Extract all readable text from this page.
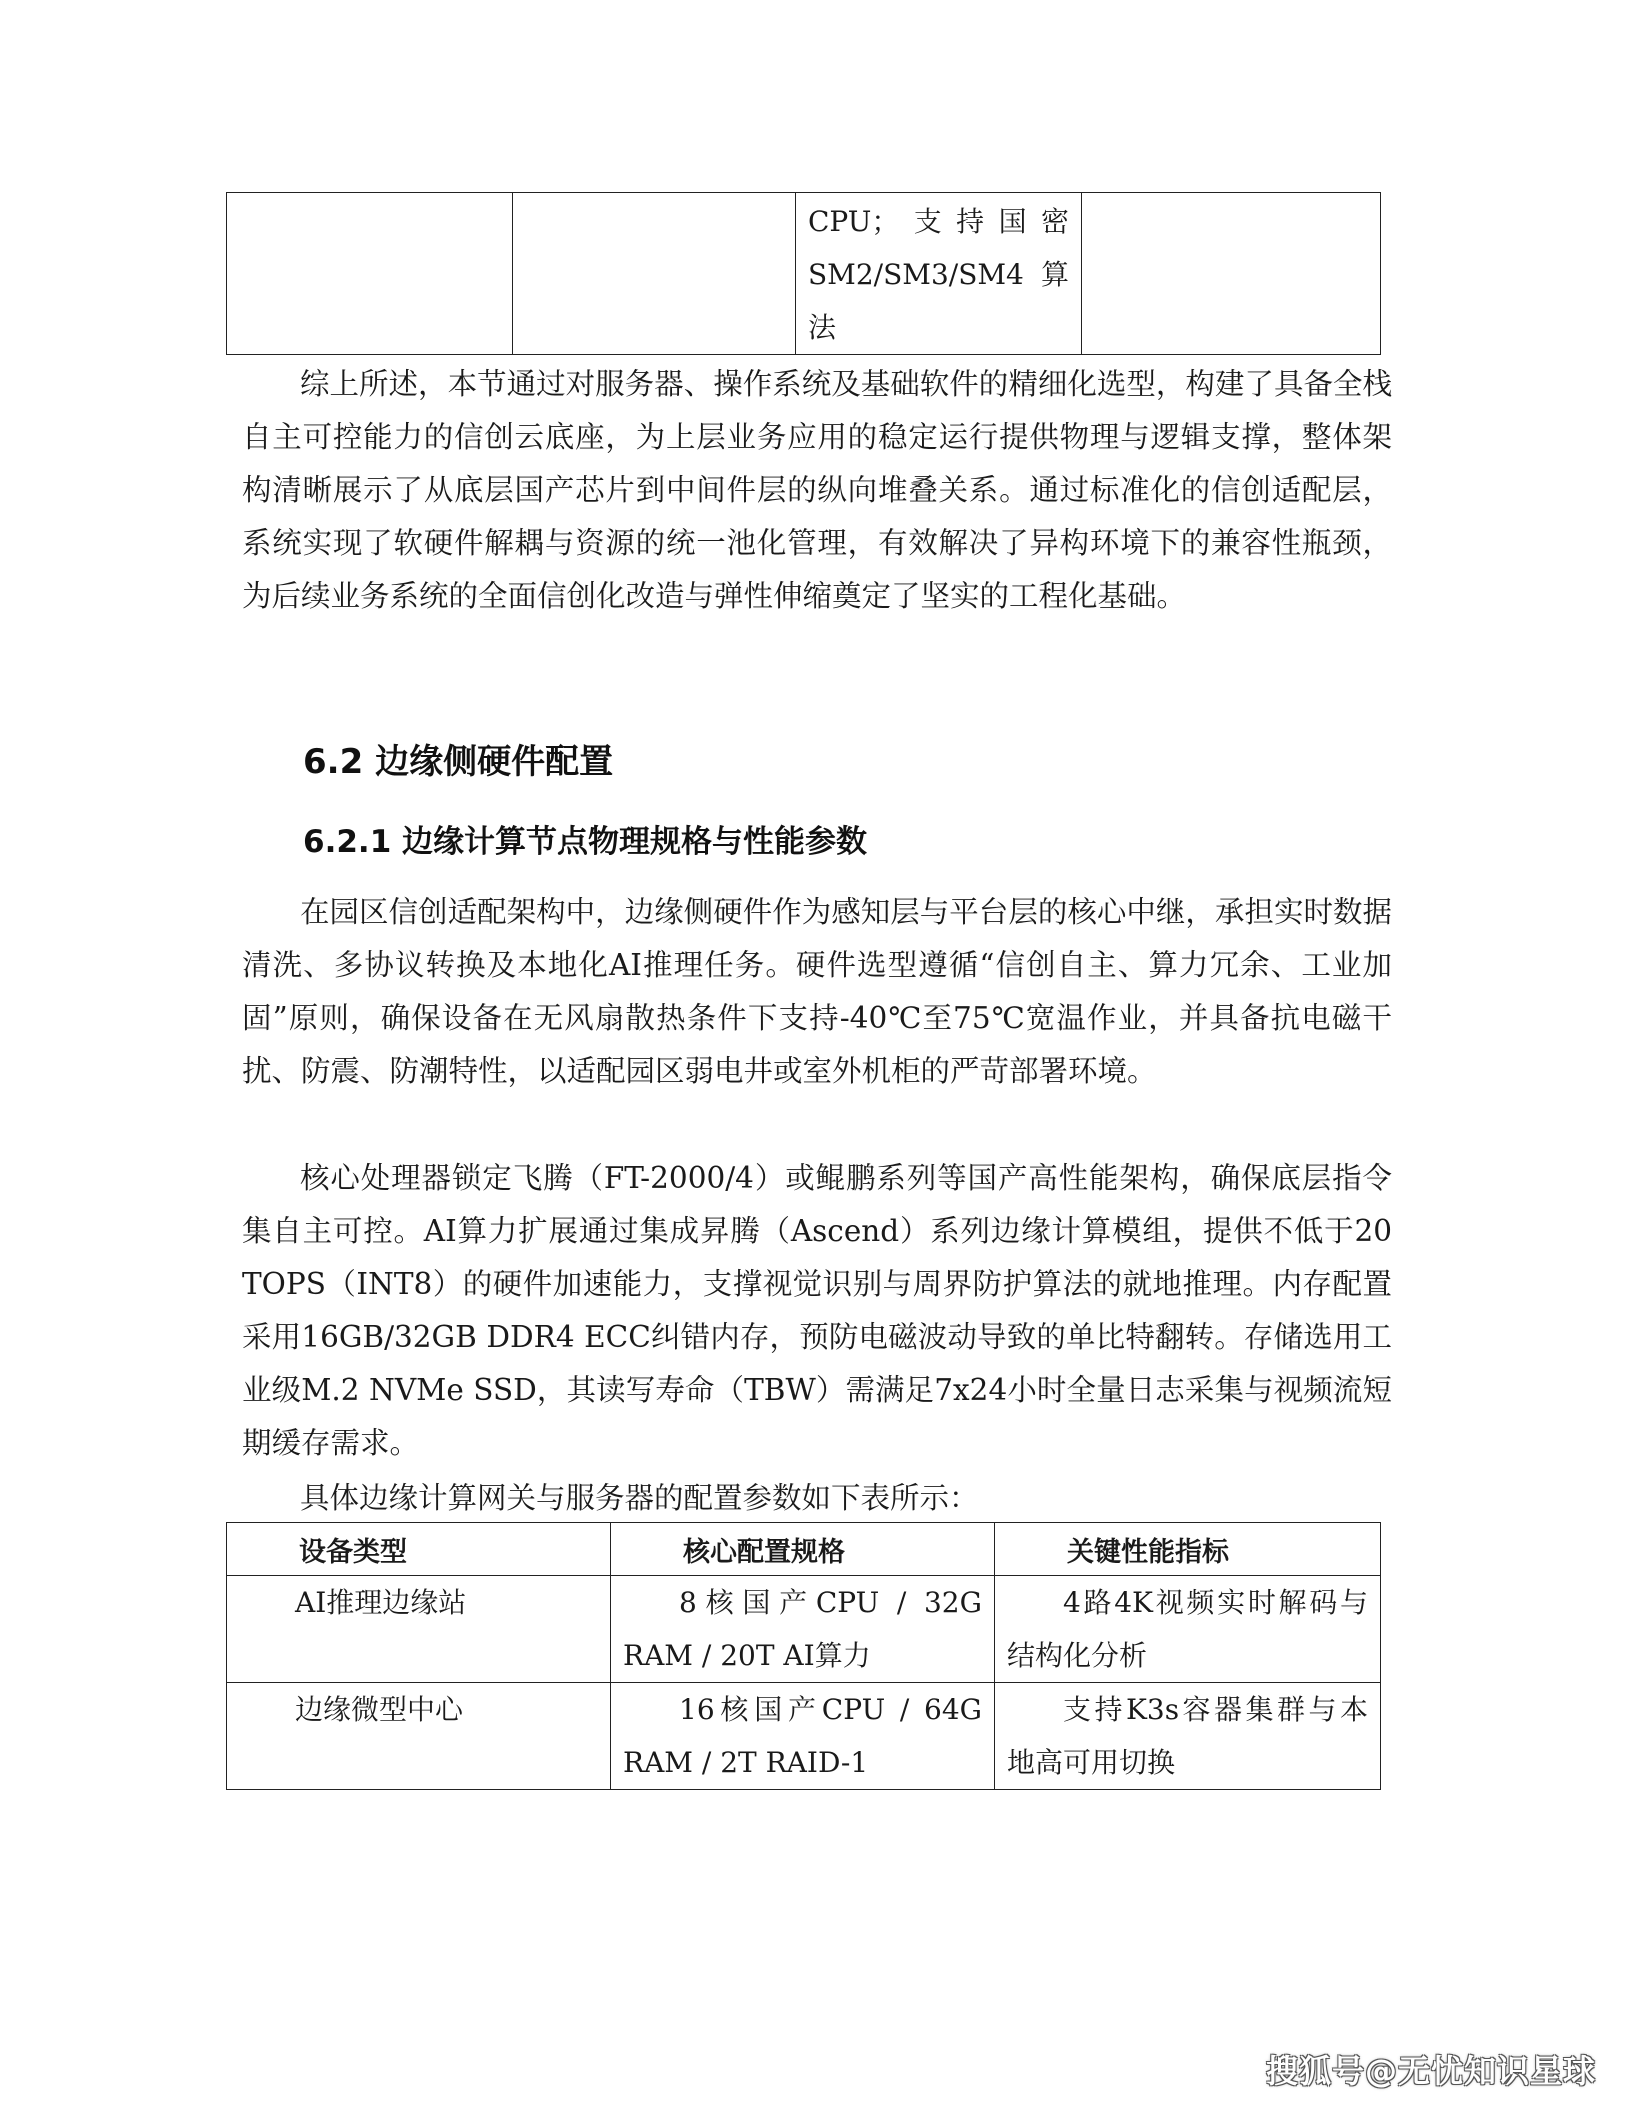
		CPU；支持国密SM2/SM3/SM4算法	

综上所述，本节通过对服务器、操作系统及基础软件的精细化选型，构建了具备全栈自主可控能力的信创云底座，为上层业务应用的稳定运行提供物理与逻辑支撑，整体架构清晰展示了从底层国产芯片到中间件层的纵向堆叠关系。通过标准化的信创适配层，系统实现了软硬件解耦与资源的统一池化管理，有效解决了异构环境下的兼容性瓶颈，为后续业务系统的全面信创化改造与弹性伸缩奠定了坚实的工程化基础。

6.2 边缘侧硬件配置
6.2.1 边缘计算节点物理规格与性能参数

在园区信创适配架构中，边缘侧硬件作为感知层与平台层的核心中继，承担实时数据清洗、多协议转换及本地化AI推理任务。硬件选型遵循“信创自主、算力冗余、工业加固”原则，确保设备在无风扇散热条件下支持-40℃至75℃宽温作业，并具备抗电磁干扰、防震、防潮特性，以适配园区弱电井或室外机柜的严苛部署环境。

核心处理器锁定飞腾（FT-2000/4）或鲲鹏系列等国产高性能架构，确保底层指令集自主可控。AI算力扩展通过集成昇腾（Ascend）系列边缘计算模组，提供不低于20 TOPS（INT8）的硬件加速能力，支撑视觉识别与周界防护算法的就地推理。内存配置采用16GB/32GB DDR4 ECC纠错内存，预防电磁波动导致的单比特翻转。存储选用工业级M.2 NVMe SSD，其读写寿命（TBW）需满足7x24小时全量日志采集与视频流短期缓存需求。

具体边缘计算网关与服务器的配置参数如下表所示：

设备类型	核心配置规格	关键性能指标
AI推理边缘站	8核国产CPU / 32G RAM / 20T AI算力	4路4K视频实时解码与结构化分析
边缘微型中心	16核国产CPU / 64G RAM / 2T RAID-1	支持K3s容器集群与本地高可用切换
搜狐号@无忧知识星球
